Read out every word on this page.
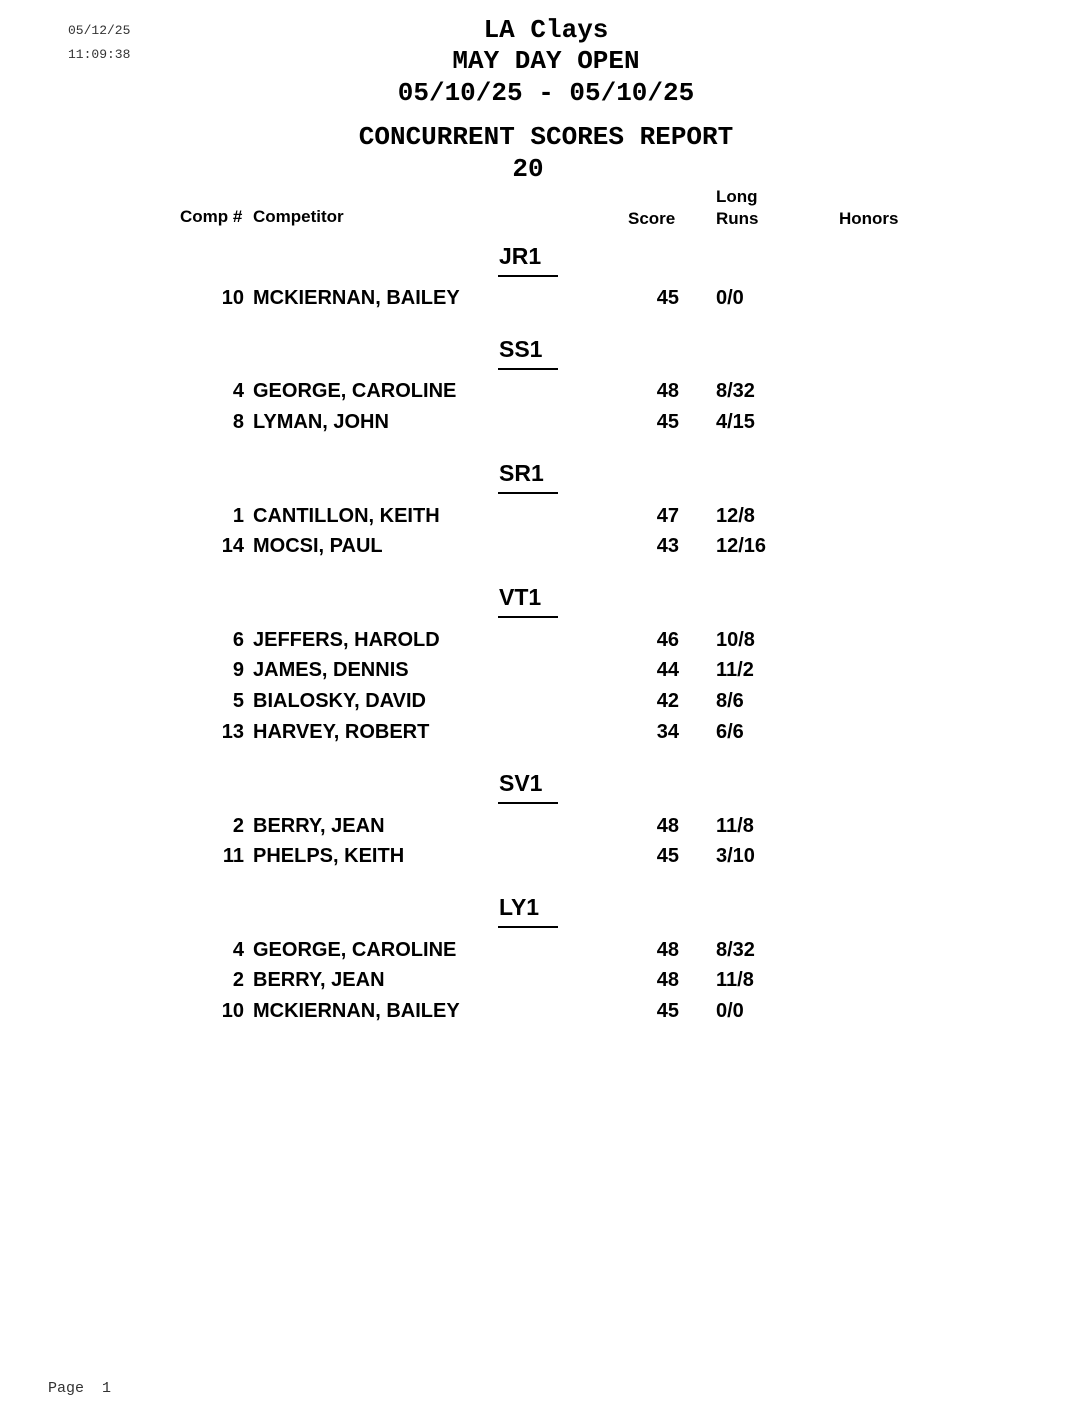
05/12/25
11:09:38
LA Clays
MAY DAY OPEN
05/10/25 - 05/10/25
CONCURRENT SCORES REPORT
20
Comp # Competitor	Score
Long
Runs	Honors
JR1
10 MCKIERNAN, BAILEY	45 0/0
SS1
4 GEORGE, CAROLINE	48 8/32
8 LYMAN, JOHN	45 4/15
SR1
1 CANTILLON, KEITH	47 12/8
14 MOCSI, PAUL	43 12/16
VT1
6 JEFFERS, HAROLD	46 10/8
9 JAMES, DENNIS	44 11/2
5 BIALOSKY, DAVID	42 8/6
13 HARVEY, ROBERT	34 6/6
SV1
2 BERRY, JEAN	48 11/8
11 PHELPS, KEITH	45 3/10
LY1
4 GEORGE, CAROLINE	48 8/32
2 BERRY, JEAN	48 11/8
10 MCKIERNAN, BAILEY	45 0/0
Page 1
